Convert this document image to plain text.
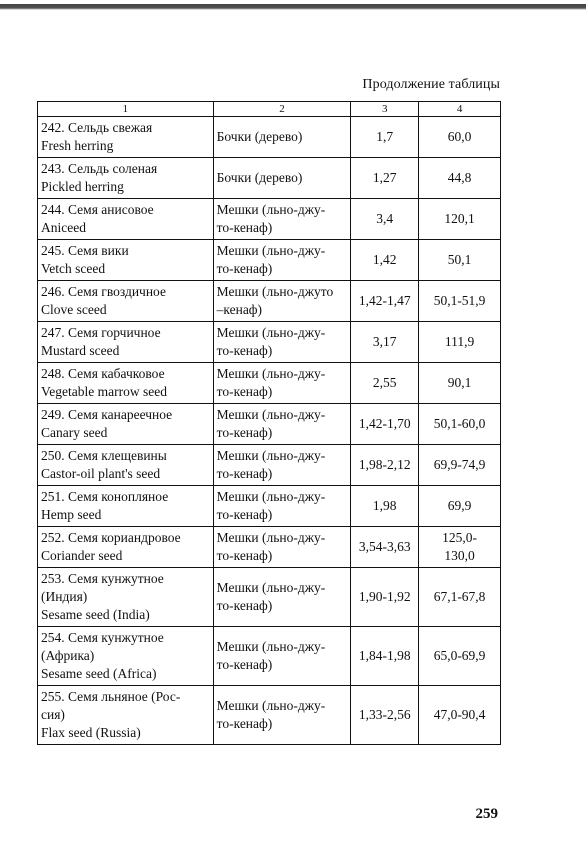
Продолжение таблицы
1	2	3	4

242. Сельдь свежая
Fresh herring	Бочки (дерево)	1,7	60,0

243. Сельдь соленая
Pickled herring	Бочки (дерево)	1,27	44,8

244. Семя анисовое
Aniceed	Мешки (льно-джу-
то-кенаф)	3,4	120,1

245. Семя вики
Vetch sceed	Мешки (льно-джу-
то-кенаф)	1,42	50,1

246. Семя гвоздичное
Clove sceed	Мешки (льно-джуто
–кенаф)	1,42-1,47	50,1-51,9

247. Семя горчичное
Mustard sceed	Мешки (льно-джу-
то-кенаф)	3,17	111,9

248. Семя кабачковое
Vegetable marrow seed	Мешки (льно-джу-
то-кенаф)	2,55	90,1

249. Семя канареечное
Canary seed	Мешки (льно-джу-
то-кенаф)	1,42-1,70	50,1-60,0

250. Семя клещевины
Castor-oil plant's seed	Мешки (льно-джу-
то-кенаф)	1,98-2,12	69,9-74,9

251. Семя конопляное
Hemp seed	Мешки (льно-джу-
то-кенаф)	1,98	69,9

252. Семя кориандровое
Coriander seed	Мешки (льно-джу-
то-кенаф)	3,54-3,63	125,0-
130,0

253. Семя кунжутное
(Индия)
Sesame seed (India)	Мешки (льно-джу-
то-кенаф)	1,90-1,92	67,1-67,8

254. Семя кунжутное
(Африка)
Sesame seed (Africa)	Мешки (льно-джу-
то-кенаф)	1,84-1,98	65,0-69,9

255. Семя льняное (Рос-
сия)
Flax seed (Russia)	Мешки (льно-джу-
то-кенаф)	1,33-2,56	47,0-90,4
259
